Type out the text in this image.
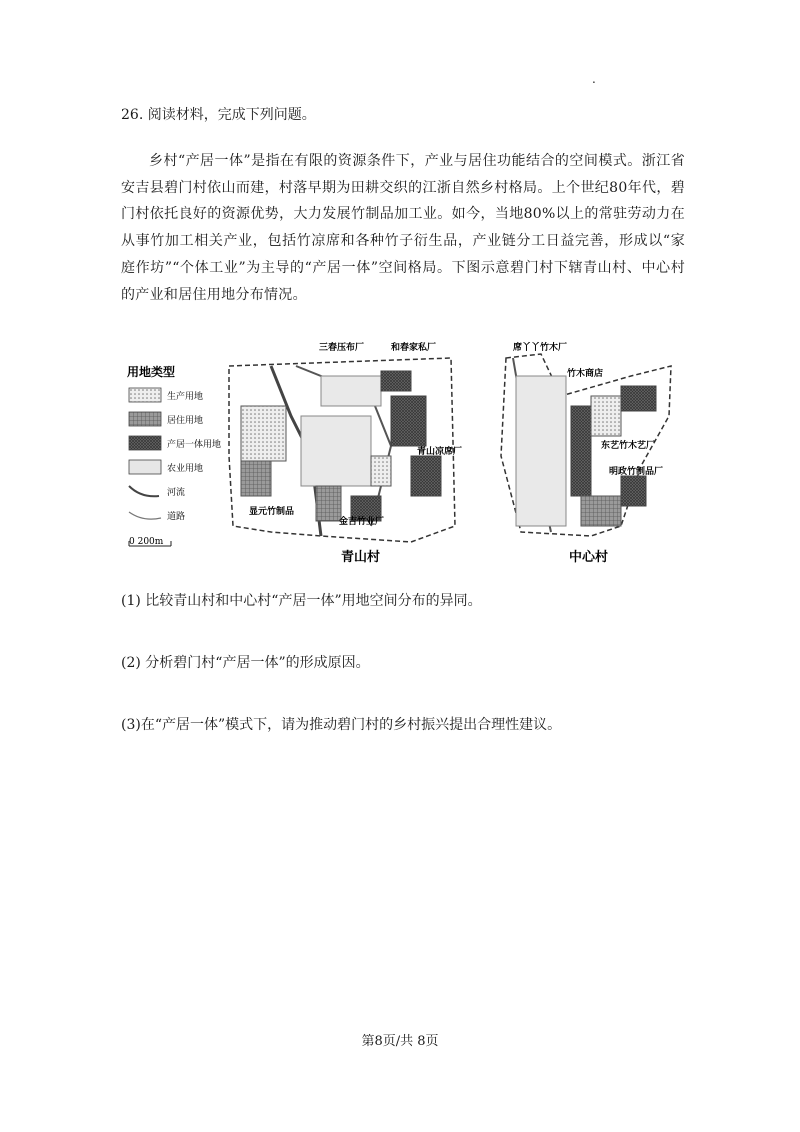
.
26. 阅读材料，完成下列问题。

乡村“产居一体”是指在有限的资源条件下，产业与居住功能结合的空间模式。浙江省安吉县碧门村依山而建，村落早期为田耕交织的江浙自然乡村格局。上个世纪80年代，碧门村依托良好的资源优势，大力发展竹制品加工业。如今，当地80%以上的常驻劳动力在从事竹加工相关产业，包括竹凉席和各种竹子衍生品，产业链分工日益完善，形成以“家庭作坊”“个体工业”为主导的“产居一体”空间格局。下图示意碧门村下辖青山村、中心村的产业和居住用地分布情况。

用地类型
生产用地
居住用地
产居一体用地
农业用地
河流
道路
0 200m
三春压布厂	和春家私厂
青山凉席厂
显元竹制品
金吉竹业厂
青山村
席丫丫竹木厂
竹木商店
东艺竹木艺厂
明政竹制品厂
中心村
(1) 比较青山村和中心村“产居一体”用地空间分布的异同。
(2) 分析碧门村“产居一体”的形成原因。
(3)在“产居一体”模式下，请为推动碧门村的乡村振兴提出合理性建议。
第8页/共 8页
